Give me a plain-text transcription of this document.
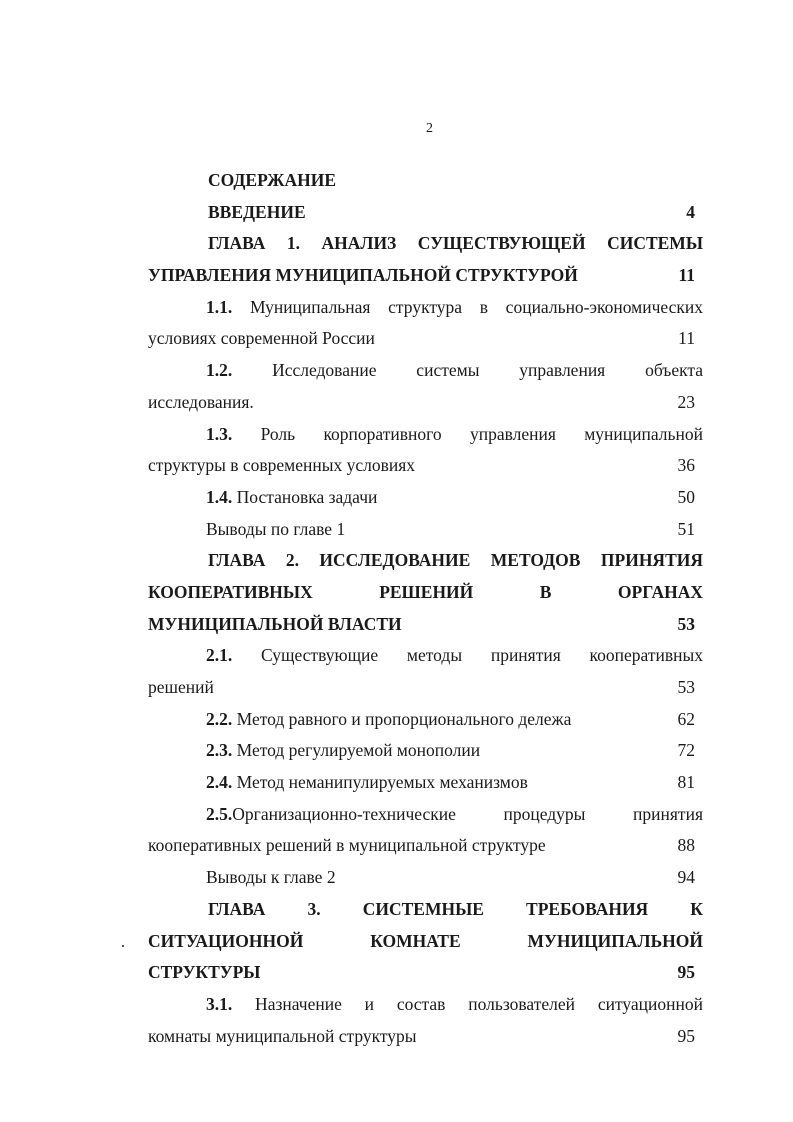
2
СОДЕРЖАНИЕ
ВВЕДЕНИЕ	4
ГЛАВА 1. АНАЛИЗ СУЩЕСТВУЮЩЕЙ СИСТЕМЫ
УПРАВЛЕНИЯ МУНИЦИПАЛЬНОЙ СТРУКТУРОЙ	11
1.1. Муниципальная структура в социально-экономических
условиях современной России	11
1.2. Исследование системы управления объекта
исследования.	23
1.3. Роль корпоративного управления муниципальной
структуры в современных условиях	36
1.4. Постановка задачи	50
Выводы по главе 1	51
ГЛАВА 2. ИССЛЕДОВАНИЕ МЕТОДОВ ПРИНЯТИЯ
КООПЕРАТИВНЫХ РЕШЕНИЙ В ОРГАНАХ
МУНИЦИПАЛЬНОЙ ВЛАСТИ	53
2.1. Существующие методы принятия кооперативных
решений	53
2.2. Метод равного и пропорционального дележа	62
2.3. Метод регулируемой монополии	72
2.4. Метод неманипулируемых механизмов	81
2.5.Организационно-технические процедуры принятия
кооперативных решений в муниципальной структуре	88
Выводы к главе 2	94
ГЛАВА 3. СИСТЕМНЫЕ ТРЕБОВАНИЯ К
СИТУАЦИОННОЙ КОМНАТЕ МУНИЦИПАЛЬНОЙ
СТРУКТУРЫ	95
3.1. Назначение и состав пользователей ситуационной
комнаты муниципальной структуры	95
